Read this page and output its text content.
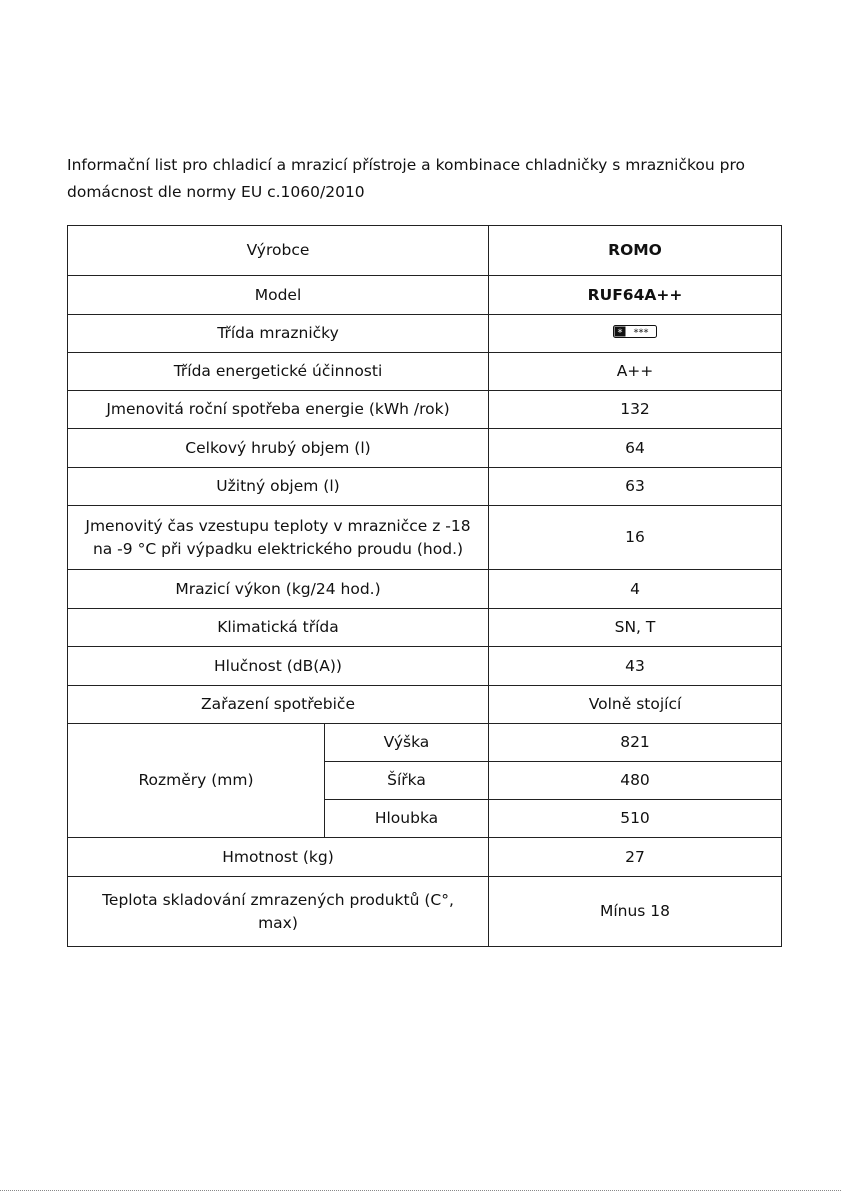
Informační list pro chladicí a mrazicí přístroje a kombinace chladničky s mrazničkou pro
domácnost dle normy EU c.1060/2010

Výrobce		ROMO
Model		RUF64A++
Třída mrazničky		* ***

Třída energetické účinnosti		A++
Jmenovitá roční spotřeba energie (kWh /rok)		132
Celkový hrubý objem (l)		64
Užitný objem (l)		63
Jmenovitý čas vzestupu teploty v mrazničce z -18
na -9 °C při výpadku elektrického proudu (hod.)		16
Mrazicí výkon (kg/24 hod.)		4
Klimatická třída		SN, T
Hlučnost (dB(A))		43
Zařazení spotřebiče		Volně stojící
Rozměry (mm)	Výška	821
	Šířka	480
	Hloubka	510
Hmotnost (kg)		27
Teplota skladování zmrazených produktů (C°,
max)		Mínus 18
